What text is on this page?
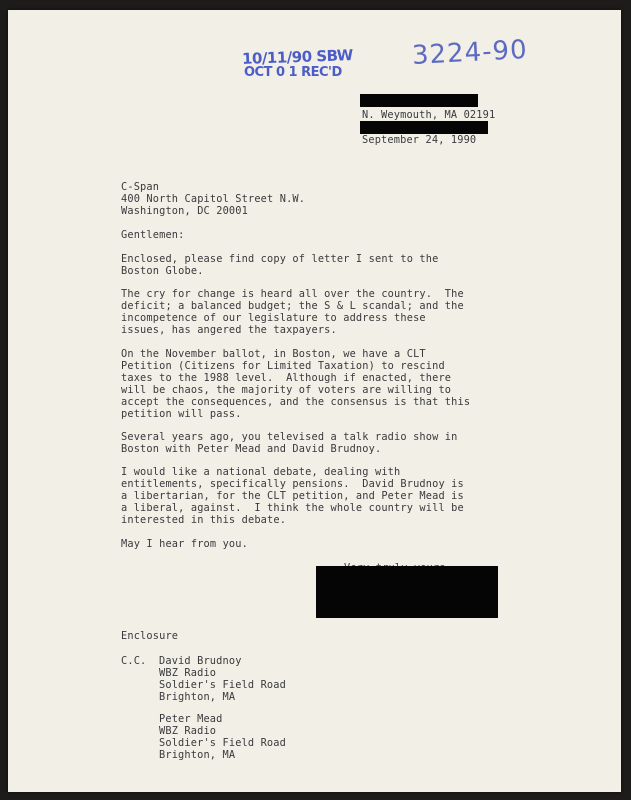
10/11/90 SBW
OCT 0 1 REC'D
3224-90
N. Weymouth, MA 02191
September 24, 1990
C-Span
400 North Capitol Street N.W.
Washington, DC 20001
Gentlemen:
Enclosed, please find copy of letter I sent to the
Boston Globe.
The cry for change is heard all over the country.  The
deficit; a balanced budget; the S & L scandal; and the
incompetence of our legislature to address these
issues, has angered the taxpayers.
On the November ballot, in Boston, we have a CLT
Petition (Citizens for Limited Taxation) to rescind
taxes to the 1988 level.  Although if enacted, there
will be chaos, the majority of voters are willing to
accept the consequences, and the consensus is that this
petition will pass.
Several years ago, you televised a talk radio show in
Boston with Peter Mead and David Brudnoy.
I would like a national debate, dealing with
entitlements, specifically pensions.  David Brudnoy is
a libertarian, for the CLT petition, and Peter Mead is
a liberal, against.  I think the whole country will be
interested in this debate.
May I hear from you.
Enclosure
C.C. David Brudnoy
WBZ Radio
Soldier's Field Road
Brighton, MA
Peter Mead
WBZ Radio
Soldier's Field Road
Brighton, MA
